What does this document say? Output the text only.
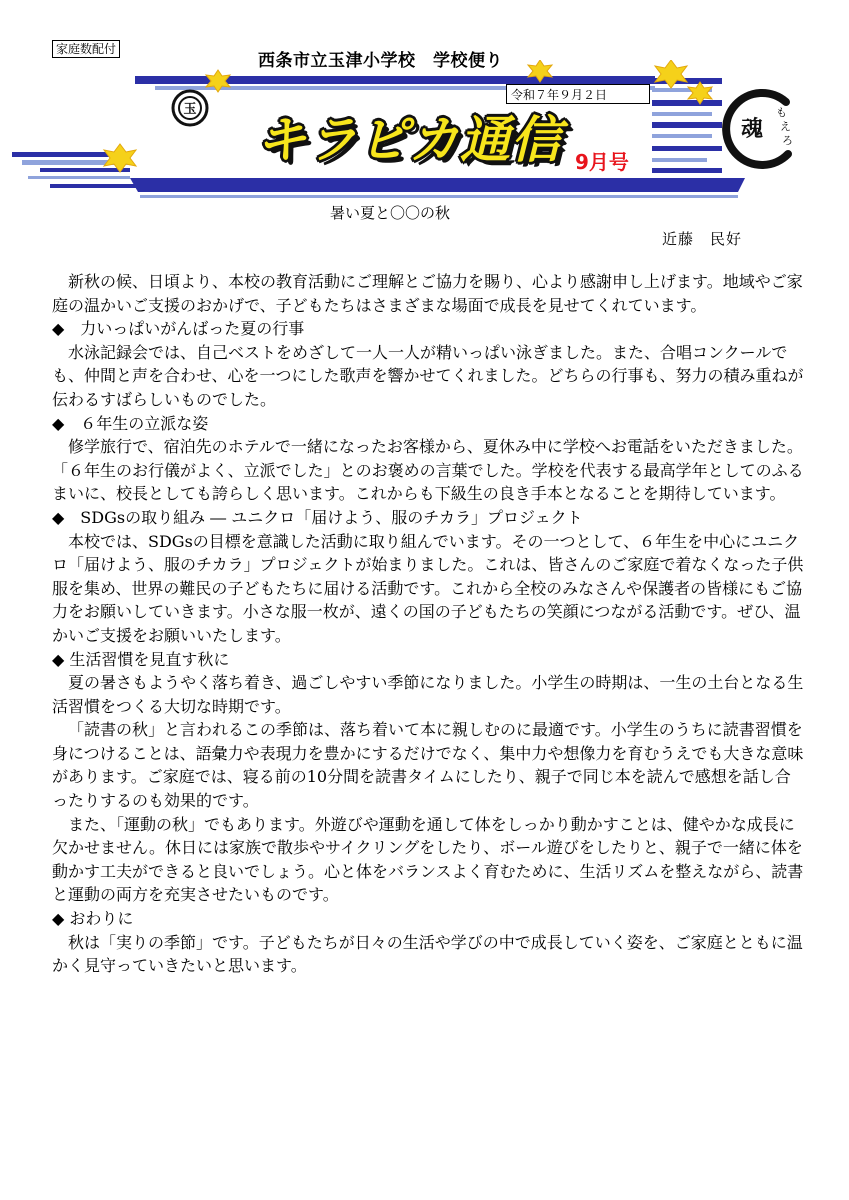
家庭数配付
西条市立玉津小学校　学校便り
玉
魂
も
え
ろ
キラピカ通信
令和７年９月２日
9月号
暑い夏と〇〇の秋
近藤　民好

新秋の候、日頃より、本校の教育活動にご理解とご協力を賜り、心より感謝申し上げます。地域やご家庭の温かいご支援のおかげで、子どもたちはさまざまな場面で成長を見せてくれています。

◆　力いっぱいがんばった夏の行事

水泳記録会では、自己ベストをめざして一人一人が精いっぱい泳ぎました。また、合唱コンクールでも、仲間と声を合わせ、心を一つにした歌声を響かせてくれました。どちらの行事も、努力の積み重ねが伝わるすばらしいものでした。

◆　６年生の立派な姿

修学旅行で、宿泊先のホテルで一緒になったお客様から、夏休み中に学校へお電話をいただきました。「６年生のお行儀がよく、立派でした」とのお褒めの言葉でした。学校を代表する最高学年としてのふるまいに、校長としても誇らしく思います。これからも下級生の良き手本となることを期待しています。

◆　SDGsの取り組み ― ユニクロ「届けよう、服のチカラ」プロジェクト

本校では、SDGsの目標を意識した活動に取り組んでいます。その一つとして、６年生を中心にユニクロ「届けよう、服のチカラ」プロジェクトが始まりました。これは、皆さんのご家庭で着なくなった子供服を集め、世界の難民の子どもたちに届ける活動です。これから全校のみなさんや保護者の皆様にもご協力をお願いしていきます。小さな服一枚が、遠くの国の子どもたちの笑顔につながる活動です。ぜひ、温かいご支援をお願いいたします。

◆ 生活習慣を見直す秋に

夏の暑さもようやく落ち着き、過ごしやすい季節になりました。小学生の時期は、一生の土台となる生活習慣をつくる大切な時期です。

「読書の秋」と言われるこの季節は、落ち着いて本に親しむのに最適です。小学生のうちに読書習慣を身につけることは、語彙力や表現力を豊かにするだけでなく、集中力や想像力を育むうえでも大きな意味があります。ご家庭では、寝る前の10分間を読書タイムにしたり、親子で同じ本を読んで感想を話し合ったりするのも効果的です。

また、「運動の秋」でもあります。外遊びや運動を通して体をしっかり動かすことは、健やかな成長に欠かせません。休日には家族で散歩やサイクリングをしたり、ボール遊びをしたりと、親子で一緒に体を動かす工夫ができると良いでしょう。心と体をバランスよく育むために、生活リズムを整えながら、読書と運動の両方を充実させたいものです。

◆ おわりに

秋は「実りの季節」です。子どもたちが日々の生活や学びの中で成長していく姿を、ご家庭とともに温かく見守っていきたいと思います。
